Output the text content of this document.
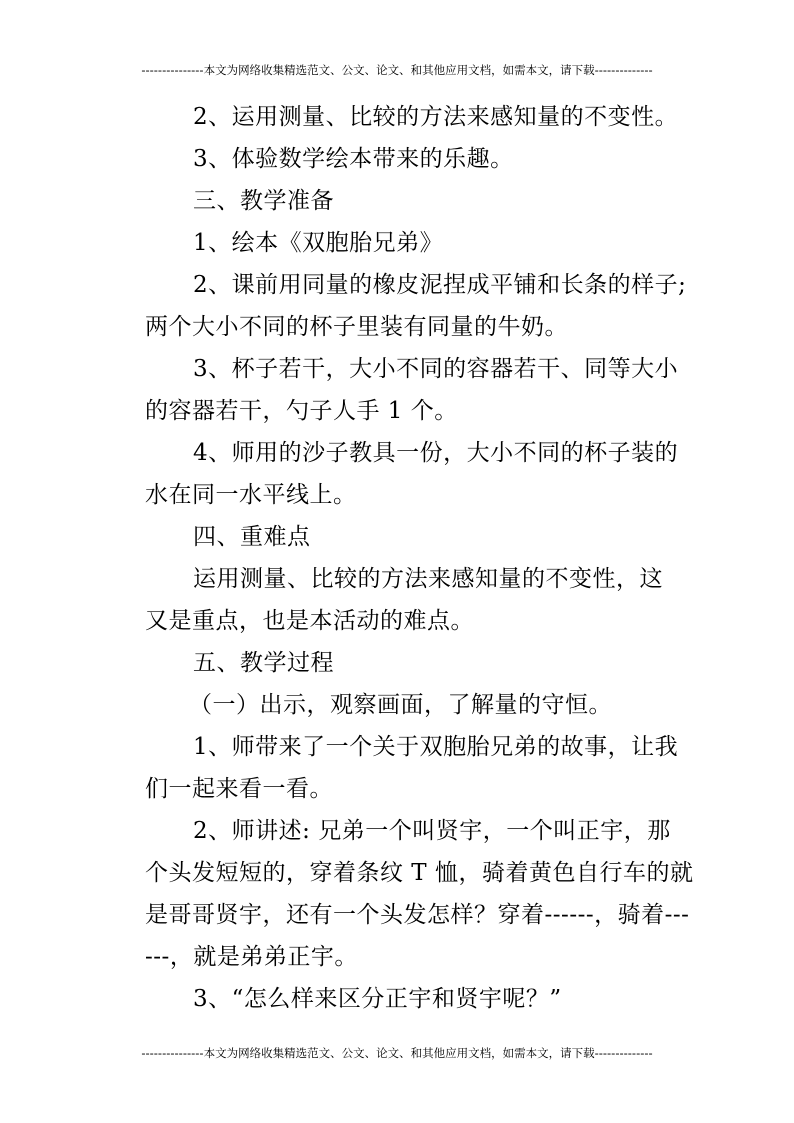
---------------本文为网络收集精选范文、公文、论文、和其他应用文档，如需本文，请下载--------------

2、运用测量、比较的方法来感知量的不变性。

3、体验数学绘本带来的乐趣。

三、教学准备

1、绘本《双胞胎兄弟》

2、课前用同量的橡皮泥捏成平铺和长条的样子;

两个大小不同的杯子里装有同量的牛奶。

3、杯子若干，大小不同的容器若干、同等大小

的容器若干，勺子人手 1 个。

4、师用的沙子教具一份，大小不同的杯子装的

水在同一水平线上。

四、重难点

运用测量、比较的方法来感知量的不变性，这

又是重点，也是本活动的难点。

五、教学过程

（一）出示，观察画面，了解量的守恒。

1、师带来了一个关于双胞胎兄弟的故事，让我

们一起来看一看。

2、师讲述: 兄弟一个叫贤宇，一个叫正宇，那

个头发短短的，穿着条纹 T 恤，骑着黄色自行车的就

是哥哥贤宇，还有一个头发怎样？穿着------，骑着---

---，就是弟弟正宇。

3、“怎么样来区分正宇和贤宇呢？”

---------------本文为网络收集精选范文、公文、论文、和其他应用文档，如需本文，请下载--------------
